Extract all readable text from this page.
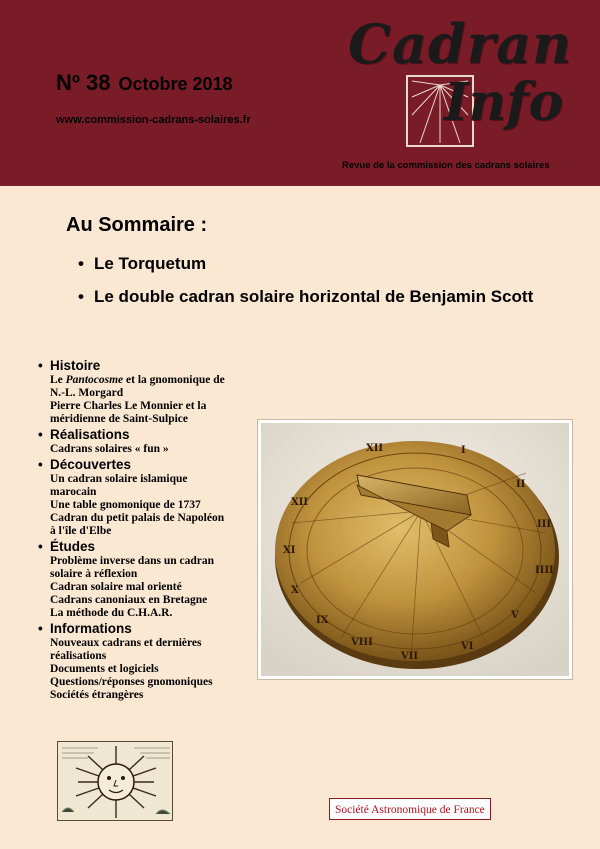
Nº 38 Octobre 2018
www.commission-cadrans-solaires.fr
Cadran
Info
Revue de la commission des cadrans solaires
Au Sommaire :
• Le Torquetum
• Le double cadran solaire horizontal de Benjamin Scott
• Histoire
Le Pantocosme et la gnomonique de
N.-L. Morgard
Pierre Charles Le Monnier et la
méridienne de Saint-Sulpice
• Réalisations
Cadrans solaires « fun »
• Découvertes
Un cadran solaire islamique
marocain
Une table gnomonique de 1737
Cadran du petit palais de Napoléon
à l'île d'Elbe
• Études
Problème inverse dans un cadran
solaire à réflexion
Cadran solaire mal orienté
Cadrans canoniaux en Bretagne
La méthode du C.H.A.R.
• Informations
Nouveaux cadrans et dernières
réalisations
Documents et logiciels
Questions/réponses gnomoniques
Sociétés étrangères
XII
XI
X
IX
VIII
VII
VI
V
IIII
III
II
I
XII
Société Astronomique de France
